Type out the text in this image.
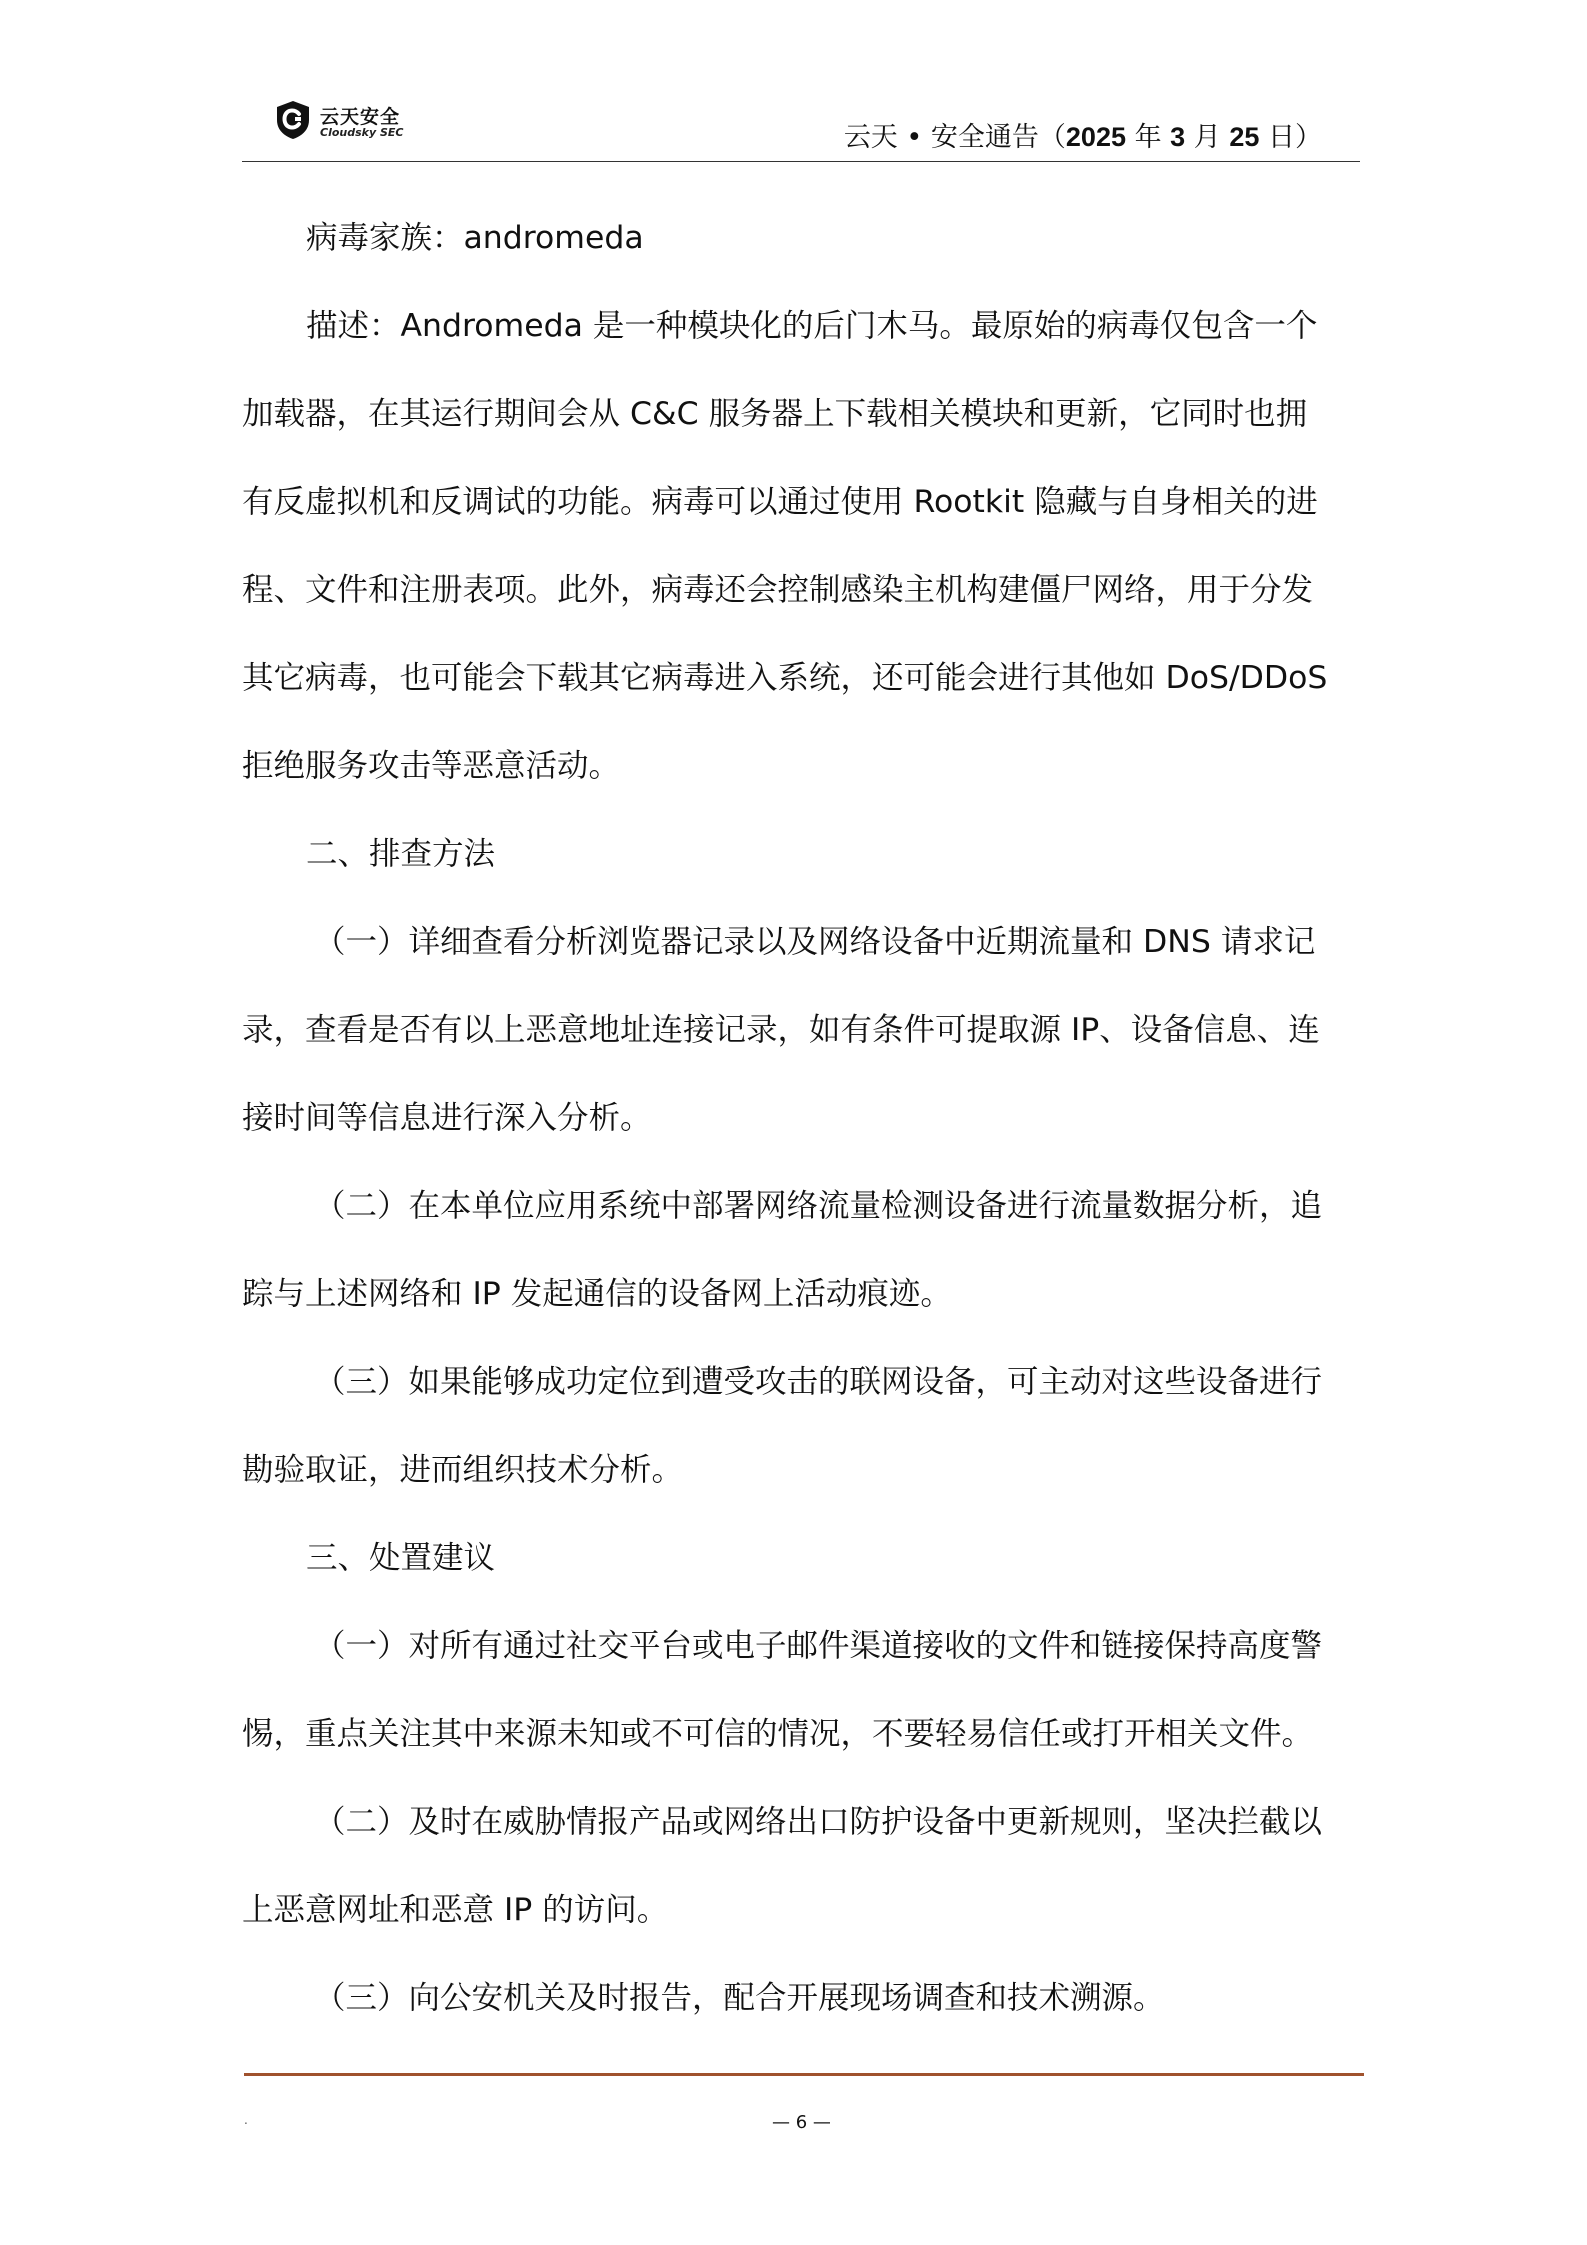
云天安全
Cloudsky SEC	云天 • 安全通告（2025 年 3 月 25 日）
病毒家族：andromeda
描述：Andromeda 是一种模块化的后门木马。最原始的病毒仅包含一个
加载器，在其运行期间会从 C&C 服务器上下载相关模块和更新，它同时也拥
有反虚拟机和反调试的功能。病毒可以通过使用 Rootkit 隐藏与自身相关的进
程、文件和注册表项。此外，病毒还会控制感染主机构建僵尸网络，用于分发
其它病毒，也可能会下载其它病毒进入系统，还可能会进行其他如 DoS/DDoS
拒绝服务攻击等恶意活动。
二、排查方法
（一）详细查看分析浏览器记录以及网络设备中近期流量和 DNS 请求记
录，查看是否有以上恶意地址连接记录，如有条件可提取源 IP、设备信息、连
接时间等信息进行深入分析。
（二）在本单位应用系统中部署网络流量检测设备进行流量数据分析，追
踪与上述网络和 IP 发起通信的设备网上活动痕迹。
（三）如果能够成功定位到遭受攻击的联网设备，可主动对这些设备进行
勘验取证，进而组织技术分析。
三、处置建议
（一）对所有通过社交平台或电子邮件渠道接收的文件和链接保持高度警
惕，重点关注其中来源未知或不可信的情况，不要轻易信任或打开相关文件。
（二）及时在威胁情报产品或网络出口防护设备中更新规则，坚决拦截以
上恶意网址和恶意 IP 的访问。
（三）向公安机关及时报告，配合开展现场调查和技术溯源。
.	— 6 —
